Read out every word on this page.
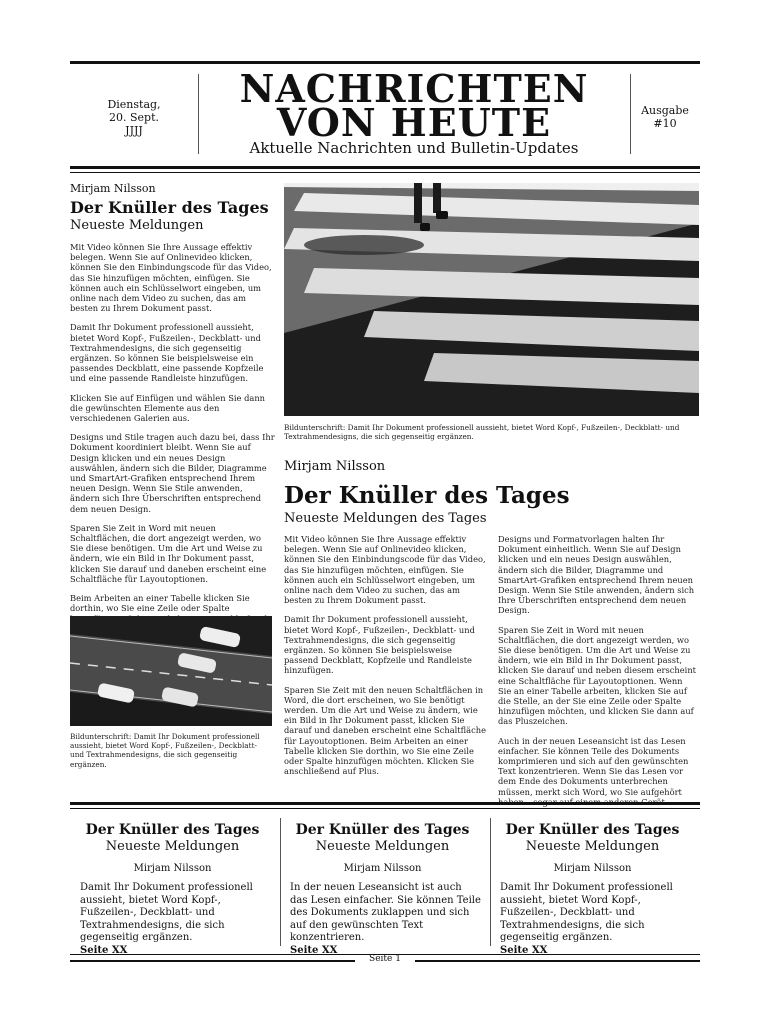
Dienstag,
20. Sept.
JJJJ
NACHRICHTEN
VON HEUTE
Aktuelle Nachrichten und Bulletin-Updates
Ausgabe
#10
Mirjam Nilsson
Der Knüller des Tages
Neueste Meldungen

Mit Video können Sie Ihre Aussage effektiv belegen. Wenn Sie auf Onlinevideo klicken, können Sie den Einbindungscode für das Video, das Sie hinzufügen möchten, einfügen. Sie können auch ein Schlüsselwort eingeben, um online nach dem Video zu suchen, das am besten zu Ihrem Dokument passt.

Damit Ihr Dokument professionell aussieht, bietet Word Kopf-, Fußzeilen-, Deckblatt- und Textrahmendesigns, die sich gegenseitig ergänzen. So können Sie beispielsweise ein passendes Deckblatt, eine passende Kopfzeile und eine passende Randleiste hinzufügen.

Klicken Sie auf Einfügen und wählen Sie dann die gewünschten Elemente aus den verschiedenen Galerien aus.

Designs und Stile tragen auch dazu bei, dass Ihr Dokument koordiniert bleibt. Wenn Sie auf Design klicken und ein neues Design auswählen, ändern sich die Bilder, Diagramme und SmartArt-Grafiken entsprechend Ihrem neuen Design. Wenn Sie Stile anwenden, ändern sich Ihre Überschriften entsprechend dem neuen Design.

Sparen Sie Zeit in Word mit neuen Schaltflächen, die dort angezeigt werden, wo Sie diese benötigen. Um die Art und Weise zu ändern, wie ein Bild in Ihr Dokument passt, klicken Sie darauf und daneben erscheint eine Schaltfläche für Layoutoptionen.

Beim Arbeiten an einer Tabelle klicken Sie dorthin, wo Sie eine Zeile oder Spalte

Bildunterschrift: Damit Ihr Dokument professionell aussieht, bietet Word Kopf-, Fußzeilen-, Deckblatt- und Textrahmendesigns, die sich gegenseitig ergänzen.
Bildunterschrift: Damit Ihr Dokument professionell aussieht, bietet Word Kopf-, Fußzeilen-, Deckblatt- und Textrahmendesigns, die sich gegenseitig ergänzen.
Mirjam Nilsson
Der Knüller des Tages
Neueste Meldungen des Tages

Mit Video können Sie Ihre Aussage effektiv belegen. Wenn Sie auf Onlinevideo klicken, können Sie den Einbindungscode für das Video, das Sie hinzufügen möchten, einfügen. Sie können auch ein Schlüsselwort eingeben, um online nach dem Video zu suchen, das am besten zu Ihrem Dokument passt.

Damit Ihr Dokument professionell aussieht, bietet Word Kopf-, Fußzeilen-, Deckblatt- und Textrahmendesigns, die sich gegenseitig ergänzen. So können Sie beispielsweise passend Deckblatt, Kopfzeile und Randleiste hinzufügen.

Sparen Sie Zeit mit den neuen Schaltflächen in Word, die dort erscheinen, wo Sie benötigt werden. Um die Art und Weise zu ändern, wie ein Bild in Ihr Dokument passt, klicken Sie darauf und daneben erscheint eine Schaltfläche für Layoutoptionen. Beim Arbeiten an einer Tabelle klicken Sie dorthin, wo Sie eine Zeile oder Spalte hinzufügen möchten. Klicken Sie anschließend auf Plus.

Designs und Formatvorlagen halten Ihr Dokument einheitlich. Wenn Sie auf Design klicken und ein neues Design auswählen, ändern sich die Bilder, Diagramme und SmartArt-Grafiken entsprechend Ihrem neuen Design. Wenn Sie Stile anwenden, ändern sich Ihre Überschriften entsprechend dem neuen Design.

Sparen Sie Zeit in Word mit neuen Schaltflächen, die dort angezeigt werden, wo Sie diese benötigen. Um die Art und Weise zu ändern, wie ein Bild in Ihr Dokument passt, klicken Sie darauf und neben diesem erscheint eine Schaltfläche für Layoutoptionen. Wenn Sie an einer Tabelle arbeiten, klicken Sie auf die Stelle, an der Sie eine Zeile oder Spalte hinzufügen möchten, und klicken Sie dann auf das Pluszeichen.

Auch in der neuen Leseansicht ist das Lesen einfacher. Sie können Teile des Dokuments komprimieren und sich auf den gewünschten Text konzentrieren. Wenn Sie das Lesen vor dem Ende des Dokuments unterbrechen müssen, merkt sich Word, wo Sie aufgehört haben – sogar auf einem anderen Gerät.

Der Knüller des Tages
Neueste Meldungen
Mirjam Nilsson
Damit Ihr Dokument professionell aussieht, bietet Word Kopf-, Fußzeilen-, Deckblatt- und Textrahmendesigns, die sich gegenseitig ergänzen.
Seite XX
Der Knüller des Tages
Neueste Meldungen
Mirjam Nilsson
In der neuen Leseansicht ist auch das Lesen einfacher. Sie können Teile des Dokuments zuklappen und sich auf den gewünschten Text konzentrieren.
Seite XX
Der Knüller des Tages
Neueste Meldungen
Mirjam Nilsson
Damit Ihr Dokument professionell aussieht, bietet Word Kopf-, Fußzeilen-, Deckblatt- und Textrahmendesigns, die sich gegenseitig ergänzen.
Seite XX
Seite 1
